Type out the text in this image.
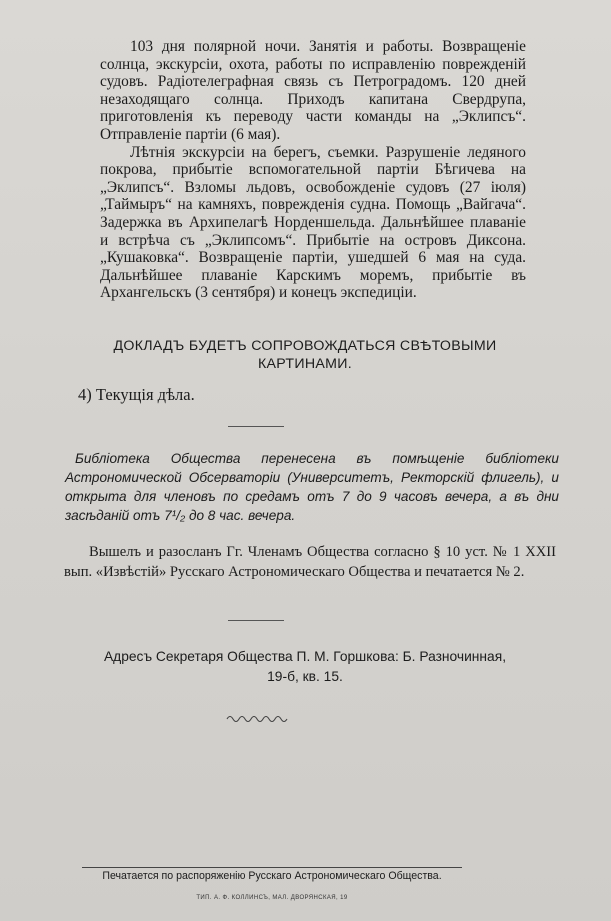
103 дня полярной ночи. Занятія и работы. Возвращеніе солнца, экскурсіи, охота, работы по исправленію поврежденій судовъ. Радіотелеграфная связь съ Петроградомъ. 120 дней незаходящаго солнца. Приходъ капитана Свердрупа, приготовленія къ переводу части команды на „Эклипсъ“. Отправленіе партіи (6 мая).

Лѣтнія экскурсіи на берегъ, съемки. Разрушеніе ледяного покрова, прибытіе вспомогательной партіи Бѣгичева на „Эклипсъ“. Взломы льдовъ, освобожденіе судовъ (27 іюля) „Таймыръ“ на камняхъ, поврежденія судна. Помощь „Вайгача“. Задержка въ Архипелагѣ Норденшельда. Дальнѣйшее плаваніе и встрѣча съ „Эклипсомъ“. Прибытіе на островъ Диксона. „Кушаковка“. Возвращеніе партіи, ушедшей 6 мая на суда. Дальнѣйшее плаваніе Карскимъ моремъ, прибытіе въ Архангельскъ (3 сентября) и конецъ экспедиціи.

ДОКЛАДЪ БУДЕТЪ СОПРОВОЖДАТЬСЯ СВѢТОВЫМИ КАРТИНАМИ.
4) Текущія дѣла.
Библіотека Общества перенесена въ помѣщеніе библіотеки Астрономической Обсерваторіи (Университетъ, Ректорскій флигель), и открыта для членовъ по средамъ отъ 7 до 9 часовъ вечера, а въ дни засѣданій отъ 7¹/₂ до 8 час. вечера.
Вышелъ и разосланъ Гг. Членамъ Общества согласно § 10 уст. № 1 XXII вып. «Извѣстій» Русскаго Астрономическаго Общества и печатается № 2.
Адресъ Секретаря Общества П. М. Горшкова: Б. Разночинная,
19-б, кв. 15.
Печатается по распоряженію Русскаго Астрономическаго Общества.
ТИП. А. Ф. КОЛЛИНСЪ, МАЛ. ДВОРЯНСКАЯ, 19
